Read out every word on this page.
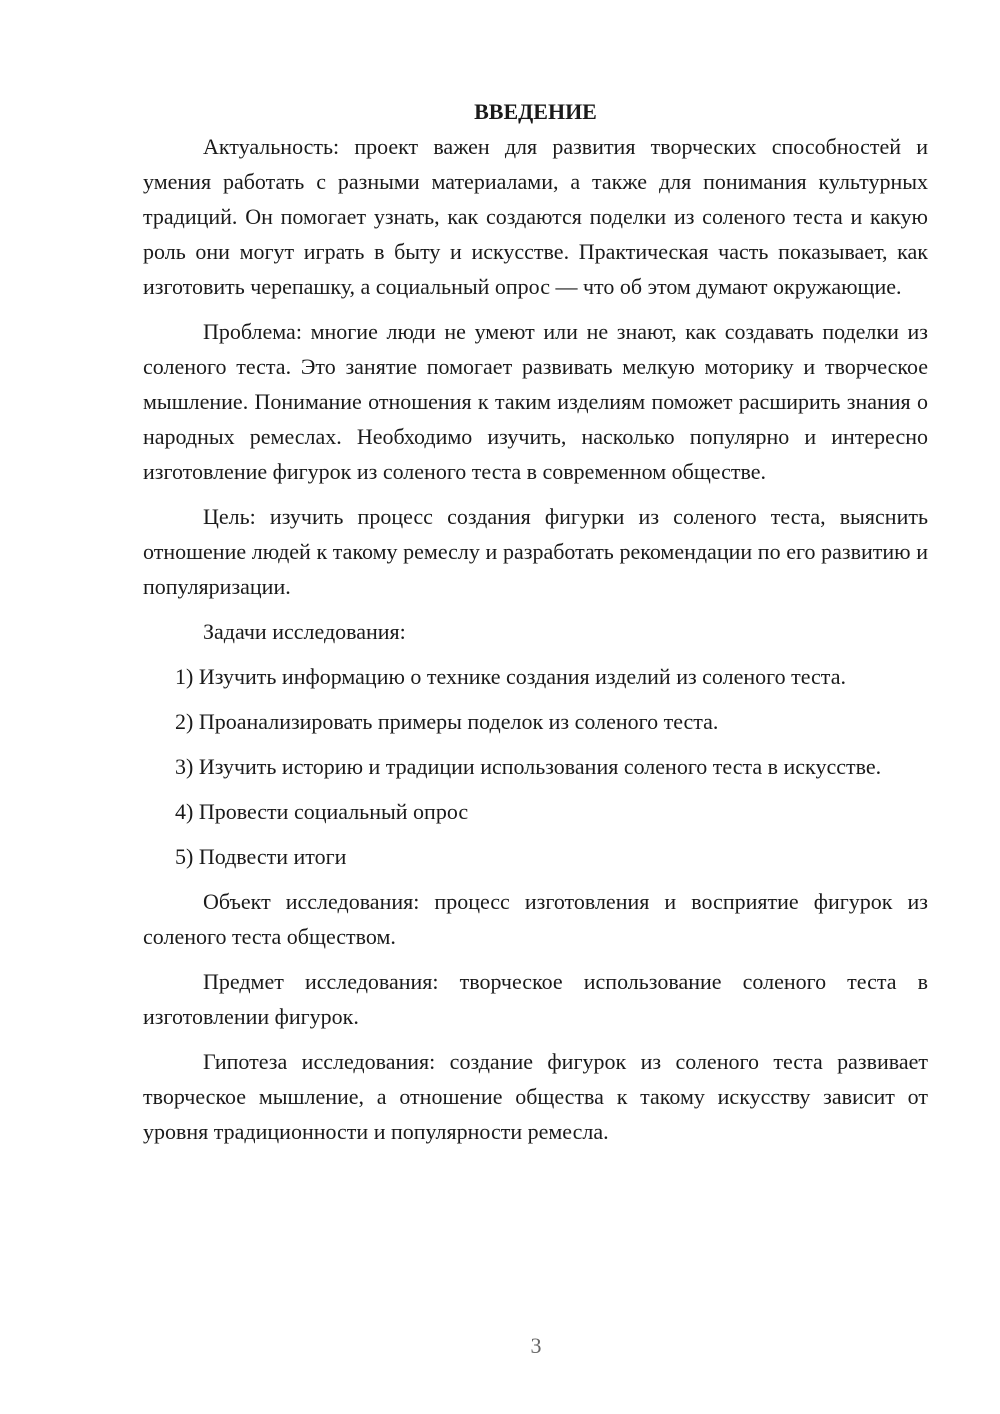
ВВЕДЕНИЕ

Актуальность: проект важен для развития творческих способностей и умения работать с разными материалами, а также для понимания культурных традиций. Он помогает узнать, как создаются поделки из соленого теста и какую роль они могут играть в быту и искусстве. Практическая часть показывает, как изготовить черепашку, а социальный опрос — что об этом думают окружающие.

Проблема: многие люди не умеют или не знают, как создавать поделки из соленого теста. Это занятие помогает развивать мелкую моторику и творческое мышление. Понимание отношения к таким изделиям поможет расширить знания о народных ремеслах. Необходимо изучить, насколько популярно и интересно изготовление фигурок из соленого теста в современном обществе.

Цель: изучить процесс создания фигурки из соленого теста, выяснить отношение людей к такому ремеслу и разработать рекомендации по его развитию и популяризации.

Задачи исследования:

1) Изучить информацию о технике создания изделий из соленого теста.

2) Проанализировать примеры поделок из соленого теста.

3) Изучить историю и традиции использования соленого теста в искусстве.

4) Провести социальный опрос

5) Подвести итоги

Объект исследования: процесс изготовления и восприятие фигурок из соленого теста обществом.

Предмет исследования: творческое использование соленого теста в изготовлении фигурок.

Гипотеза исследования: создание фигурок из соленого теста развивает творческое мышление, а отношение общества к такому искусству зависит от уровня традиционности и популярности ремесла.

3
